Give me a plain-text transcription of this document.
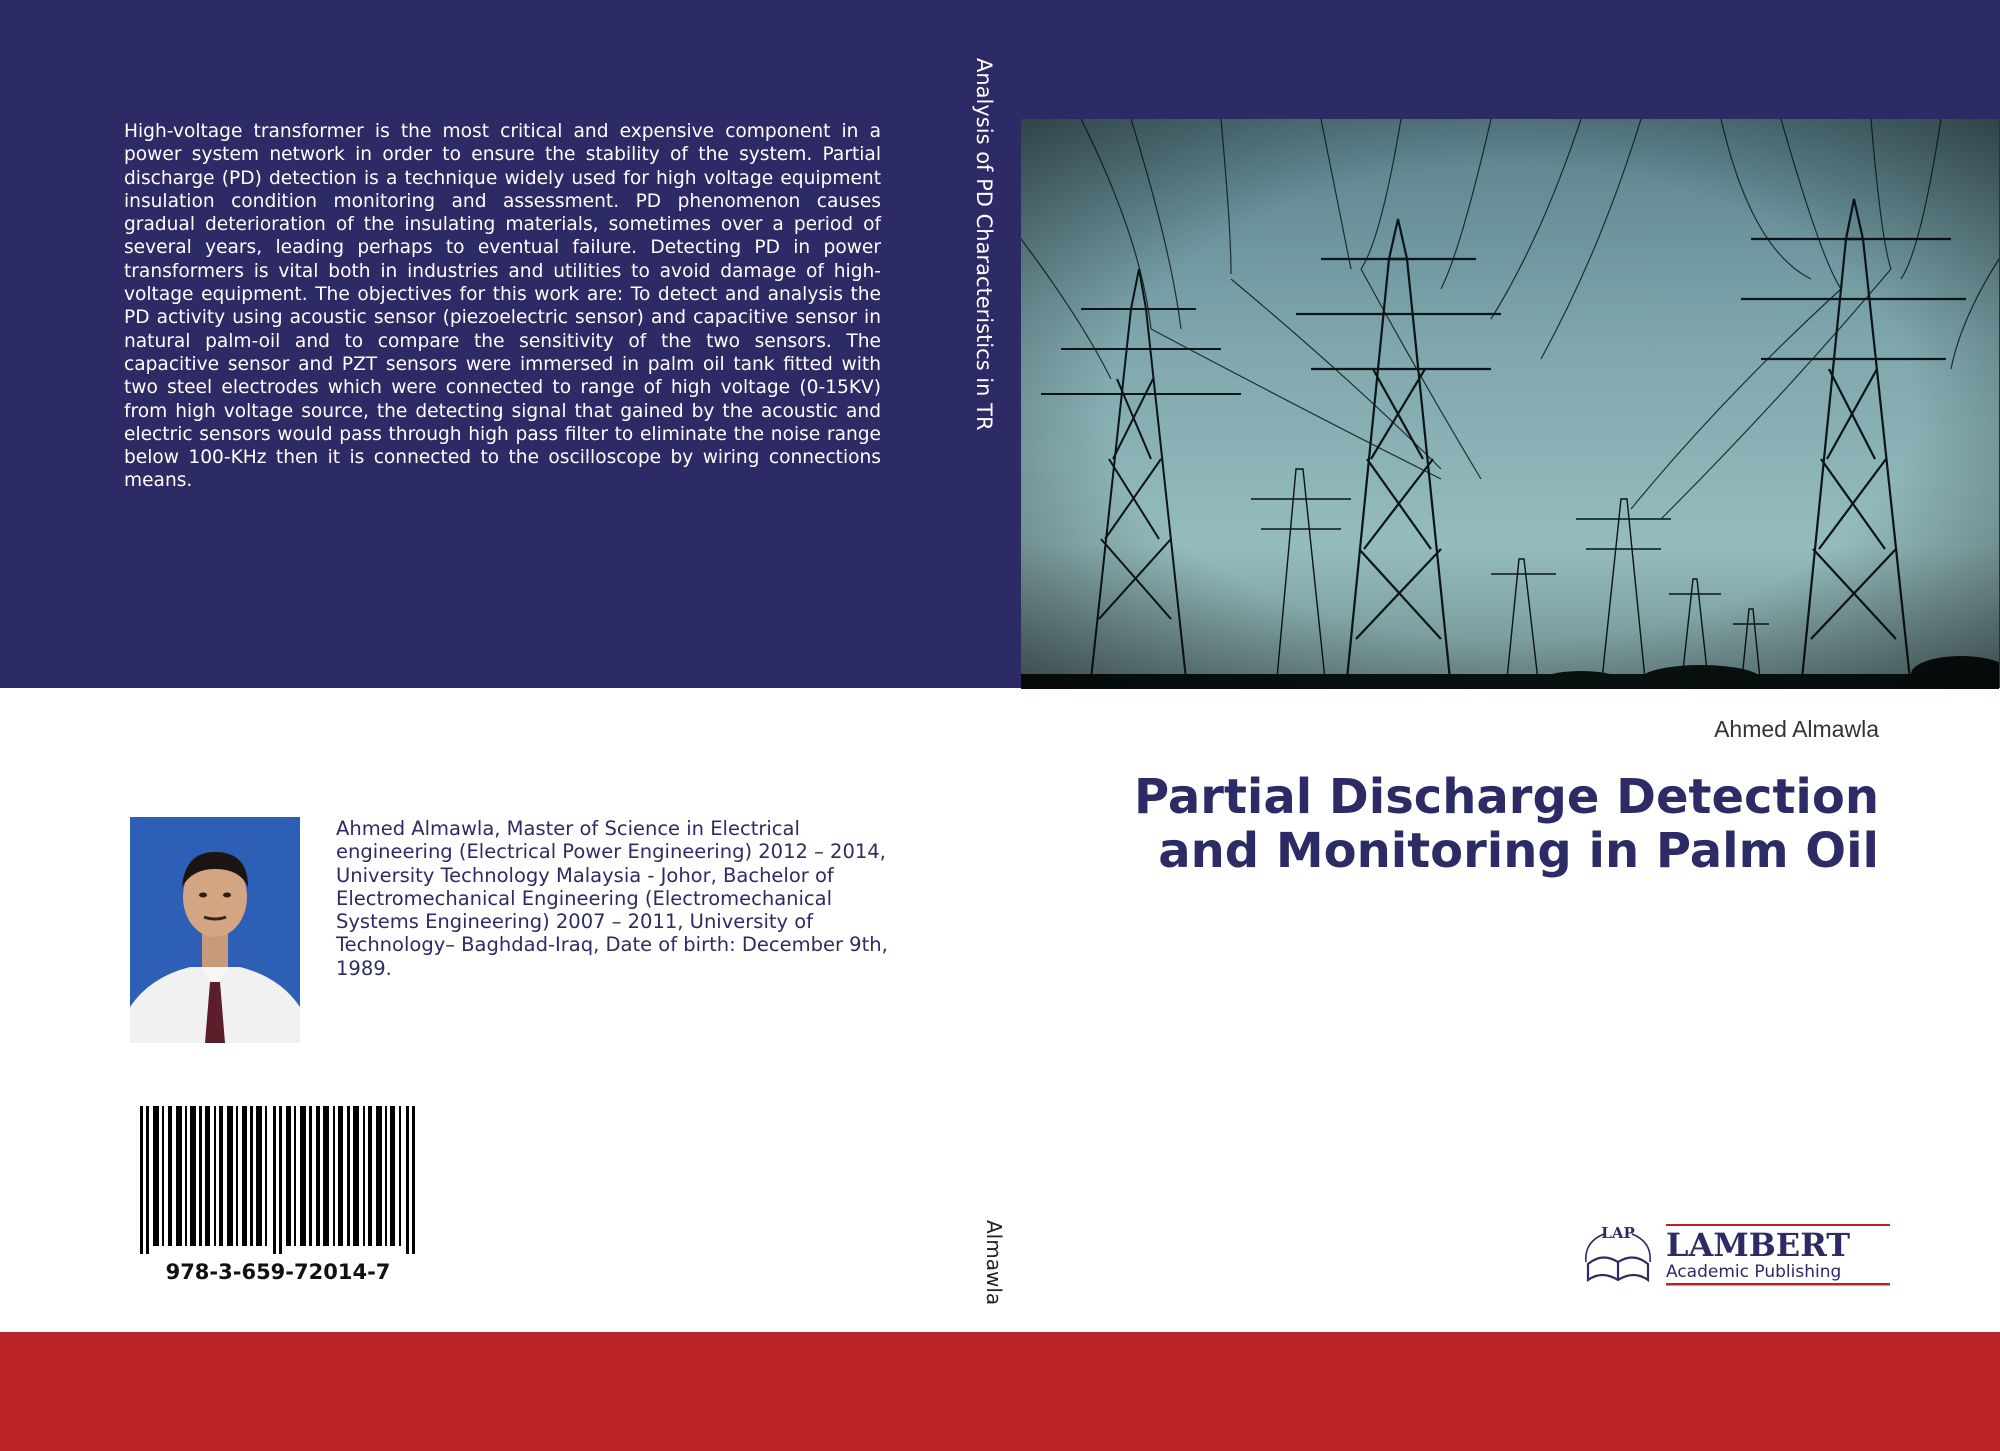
High-voltage transformer is the most critical and expensive component in a power system network in order to ensure the stability of the system. Partial discharge (PD) detection is a technique widely used for high voltage equipment insulation condition monitoring and assessment. PD phenomenon causes gradual deterioration of the insulating materials, sometimes over a period of several years, leading perhaps to eventual failure. Detecting PD in power transformers is vital both in industries and utilities to avoid damage of high-voltage equipment. The objectives for this work are: To detect and analysis the PD activity using acoustic sensor (piezoelectric sensor) and capacitive sensor in natural palm-oil and to compare the sensitivity of the two sensors. The capacitive sensor and PZT sensors were immersed in palm oil tank fitted with two steel electrodes which were connected to range of high voltage (0-15KV) from high voltage source, the detecting signal that gained by the acoustic and electric sensors would pass through high pass filter to eliminate the noise range below 100-KHz then it is connected to the oscilloscope by wiring connections means.

Analysis of PD Characteristics in TR
Almawla

Ahmed Almawla

Partial Discharge Detection
and Monitoring in Palm Oil

Ahmed Almawla, Master of Science in Electrical engineering (Electrical Power Engineering) 2012 – 2014, University Technology Malaysia - Johor, Bachelor of Electromechanical Engineering (Electromechanical Systems Engineering) 2007 – 2011, University of Technology– Baghdad-Iraq, Date of birth: December 9th, 1989.

978-3-659-72014-7

LAP LAMBERT
Academic Publishing
